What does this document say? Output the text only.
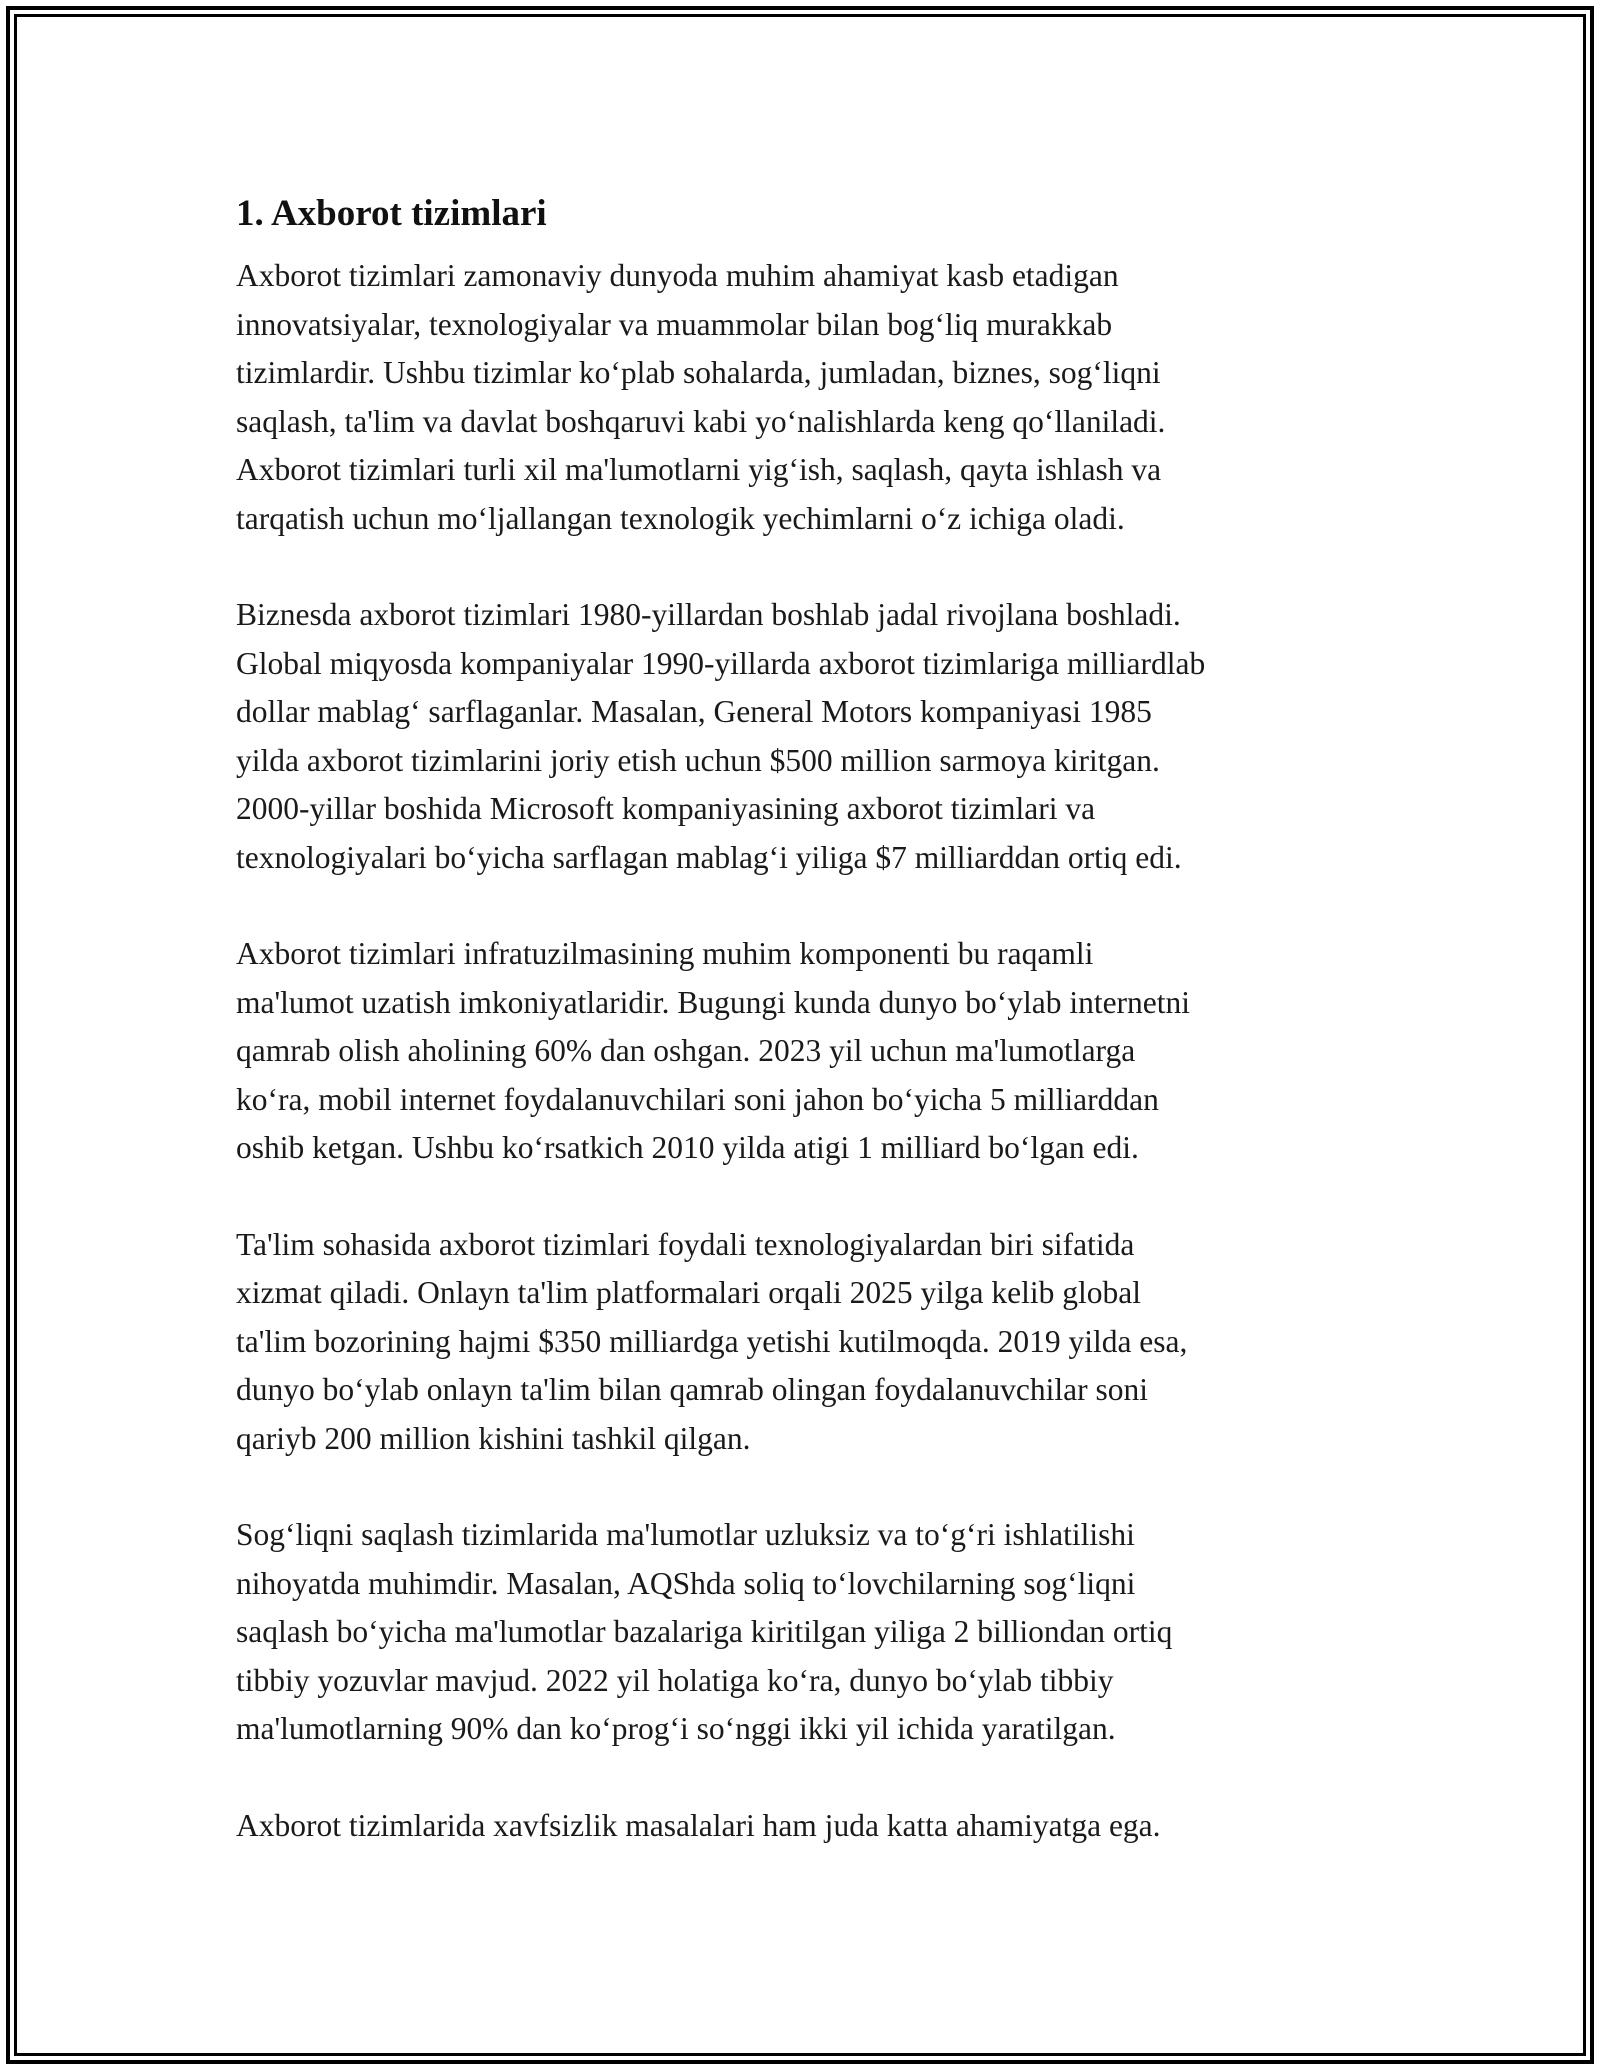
1. Axborot tizimlari

Axborot tizimlari zamonaviy dunyoda muhim ahamiyat kasb etadigan
innovatsiyalar, texnologiyalar va muammolar bilan bog‘liq murakkab
tizimlardir. Ushbu tizimlar ko‘plab sohalarda, jumladan, biznes, sog‘liqni
saqlash, ta'lim va davlat boshqaruvi kabi yo‘nalishlarda keng qo‘llaniladi.
Axborot tizimlari turli xil ma'lumotlarni yig‘ish, saqlash, qayta ishlash va
tarqatish uchun mo‘ljallangan texnologik yechimlarni o‘z ichiga oladi.

Biznesda axborot tizimlari 1980-yillardan boshlab jadal rivojlana boshladi.
Global miqyosda kompaniyalar 1990-yillarda axborot tizimlariga milliardlab
dollar mablag‘ sarflaganlar. Masalan, General Motors kompaniyasi 1985
yilda axborot tizimlarini joriy etish uchun $500 million sarmoya kiritgan.
2000-yillar boshida Microsoft kompaniyasining axborot tizimlari va
texnologiyalari bo‘yicha sarflagan mablag‘i yiliga $7 milliarddan ortiq edi.

Axborot tizimlari infratuzilmasining muhim komponenti bu raqamli
ma'lumot uzatish imkoniyatlaridir. Bugungi kunda dunyo bo‘ylab internetni
qamrab olish aholining 60% dan oshgan. 2023 yil uchun ma'lumotlarga
ko‘ra, mobil internet foydalanuvchilari soni jahon bo‘yicha 5 milliarddan
oshib ketgan. Ushbu ko‘rsatkich 2010 yilda atigi 1 milliard bo‘lgan edi.

Ta'lim sohasida axborot tizimlari foydali texnologiyalardan biri sifatida
xizmat qiladi. Onlayn ta'lim platformalari orqali 2025 yilga kelib global
ta'lim bozorining hajmi $350 milliardga yetishi kutilmoqda. 2019 yilda esa,
dunyo bo‘ylab onlayn ta'lim bilan qamrab olingan foydalanuvchilar soni
qariyb 200 million kishini tashkil qilgan.

Sog‘liqni saqlash tizimlarida ma'lumotlar uzluksiz va to‘g‘ri ishlatilishi
nihoyatda muhimdir. Masalan, AQShda soliq to‘lovchilarning sog‘liqni
saqlash bo‘yicha ma'lumotlar bazalariga kiritilgan yiliga 2 billiondan ortiq
tibbiy yozuvlar mavjud. 2022 yil holatiga ko‘ra, dunyo bo‘ylab tibbiy
ma'lumotlarning 90% dan ko‘prog‘i so‘nggi ikki yil ichida yaratilgan.

Axborot tizimlarida xavfsizlik masalalari ham juda katta ahamiyatga ega.
